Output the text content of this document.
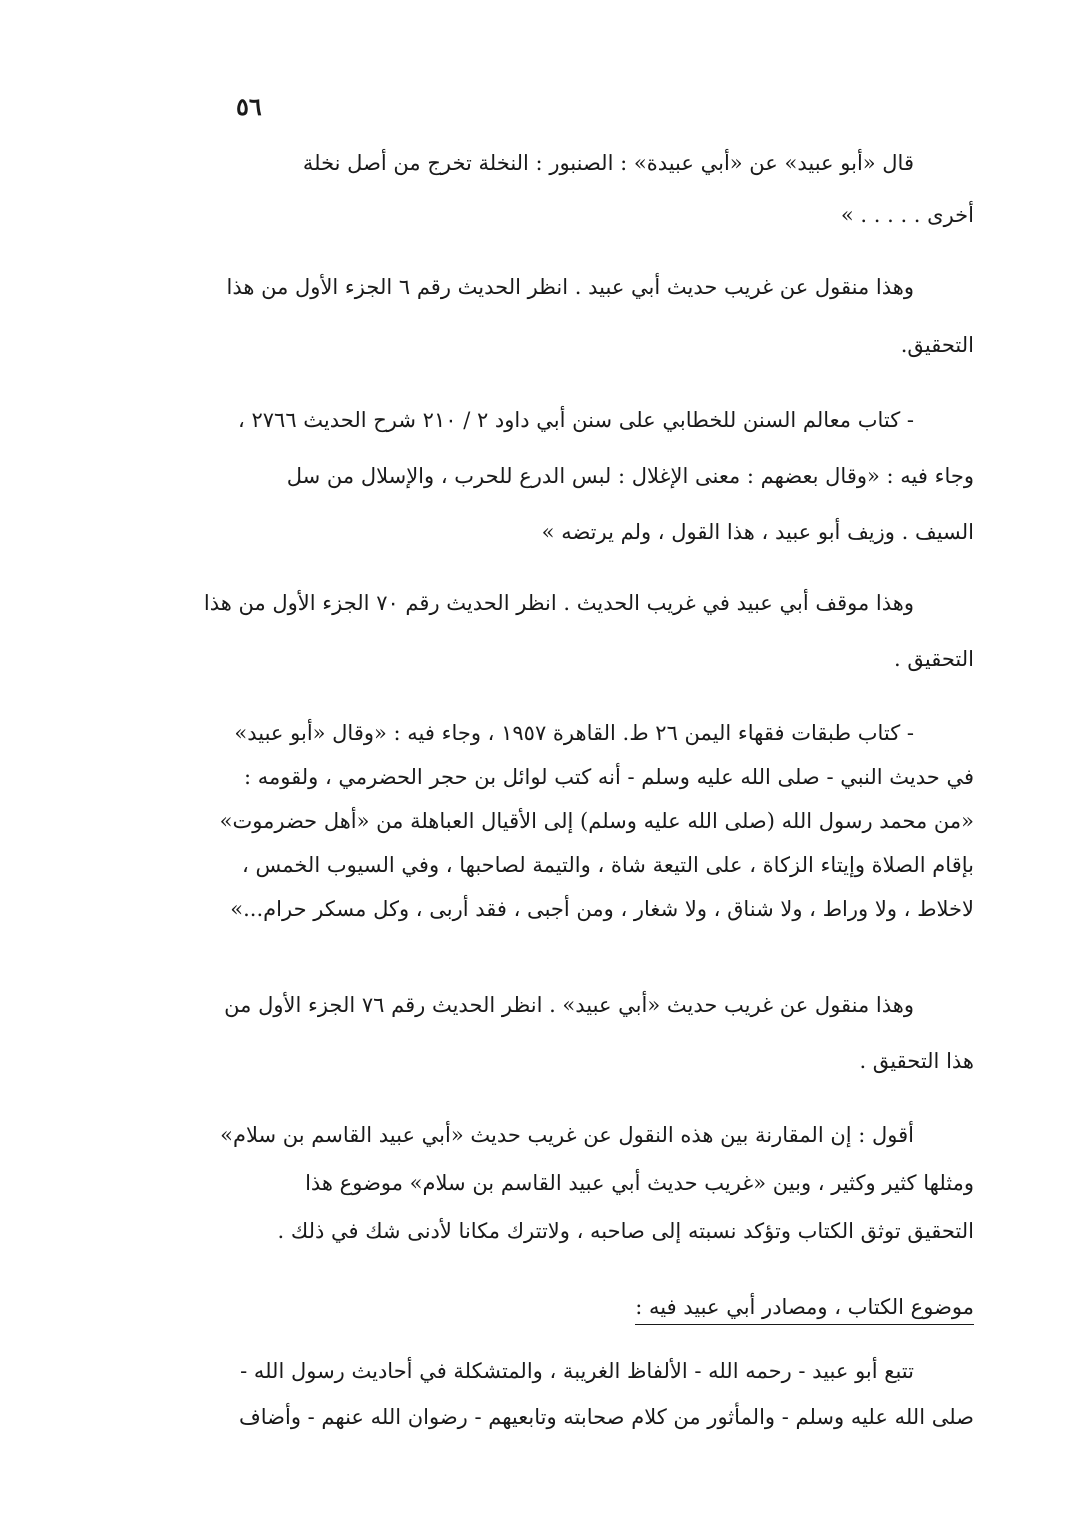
٥٦
قال «أبو عبيد» عن «أبي عبيدة» : الصنبور : النخلة تخرج من أصل نخلة
أخرى . . . . . »
وهذا منقول عن غريب حديث أبي عبيد . انظر الحديث رقم ٦ الجزء الأول من هذا
التحقيق.
- كتاب معالم السنن للخطابي على سنن أبي داود ٢ / ٢١٠ شرح الحديث ٢٧٦٦ ،
وجاء فيه : «وقال بعضهم : معنى الإغلال : لبس الدرع للحرب ، والإسلال من سل
السيف . وزيف أبو عبيد ، هذا القول ، ولم يرتضه »
وهذا موقف أبي عبيد في غريب الحديث . انظر الحديث رقم ٧٠ الجزء الأول من هذا
التحقيق .
- كتاب طبقات فقهاء اليمن ٢٦ ط. القاهرة ١٩٥٧ ، وجاء فيه : «وقال «أبو عبيد»
في حديث النبي - صلى الله عليه وسلم - أنه كتب لوائل بن حجر الحضرمي ، ولقومه :
«من محمد رسول الله (صلى الله عليه وسلم) إلى الأقيال العباهلة من «أهل حضرموت»
بإقام الصلاة وإيتاء الزكاة ، على التيعة شاة ، والتيمة لصاحبها ، وفي السيوب الخمس ،
لاخلاط ، ولا وراط ، ولا شناق ، ولا شغار ، ومن أجبى ، فقد أربى ، وكل مسكر حرام...»
وهذا منقول عن غريب حديث «أبي عبيد» . انظر الحديث رقم ٧٦ الجزء الأول من
هذا التحقيق .
أقول : إن المقارنة بين هذه النقول عن غريب حديث «أبي عبيد القاسم بن سلام»
ومثلها كثير وكثير ، وبين «غريب حديث أبي عبيد القاسم بن سلام» موضوع هذا
التحقيق توثق الكتاب وتؤكد نسبته إلى صاحبه ، ولاتترك مكانا لأدنى شك في ذلك .
موضوع الكتاب ، ومصادر أبي عبيد فيه :
تتبع أبو عبيد - رحمه الله - الألفاظ الغريبة ، والمتشكلة في أحاديث رسول الله -
صلى الله عليه وسلم - والمأثور من كلام صحابته وتابعيهم - رضوان الله عنهم - وأضاف
